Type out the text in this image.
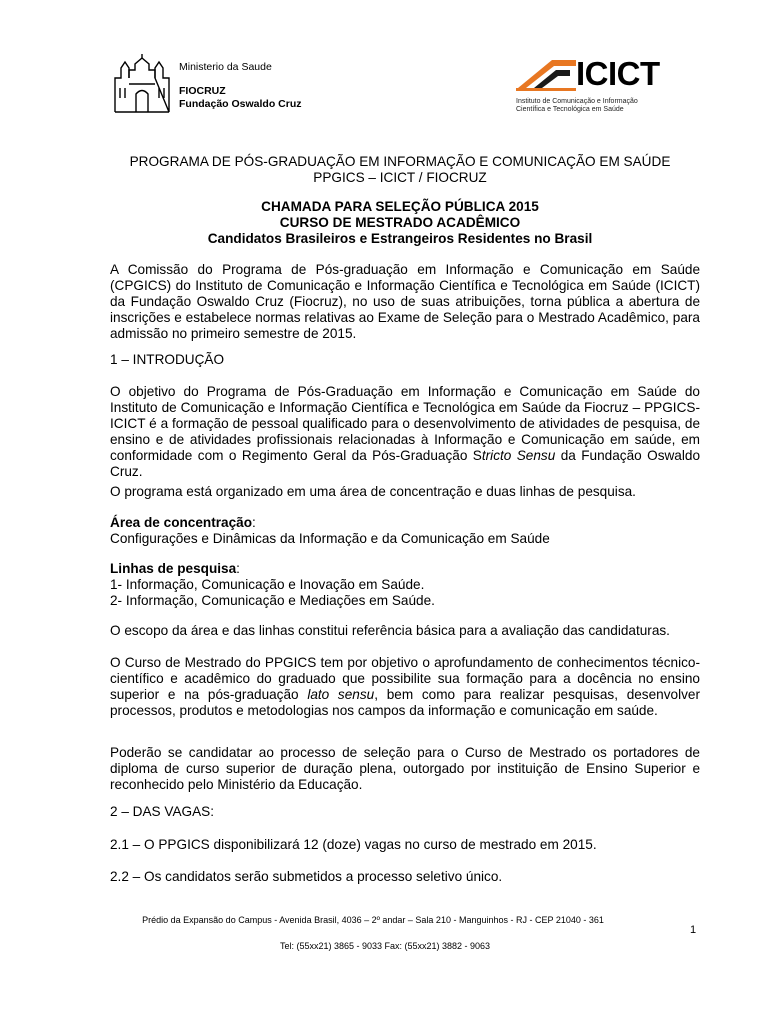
Ministerio da Saude
FIOCRUZ
Fundação Oswaldo Cruz
ICICT
Instituto de Comunicação e Informação
Científica e Tecnológica em Saúde
PROGRAMA DE PÓS-GRADUAÇÃO EM INFORMAÇÃO E COMUNICAÇÃO EM SAÚDE
PPGICS – ICICT / FIOCRUZ
CHAMADA PARA SELEÇÃO PÚBLICA 2015
CURSO DE MESTRADO ACADÊMICO
Candidatos Brasileiros e Estrangeiros Residentes no Brasil

A Comissão do Programa de Pós-graduação em Informação e Comunicação em Saúde (CPGICS) do Instituto de Comunicação e Informação Científica e Tecnológica em Saúde (ICICT) da Fundação Oswaldo Cruz (Fiocruz), no uso de suas atribuições, torna pública a abertura de inscrições e estabelece normas relativas ao Exame de Seleção para o Mestrado Acadêmico, para admissão no primeiro semestre de 2015.

1 – INTRODUÇÃO

O objetivo do Programa de Pós-Graduação em Informação e Comunicação em Saúde do Instituto de Comunicação e Informação Científica e Tecnológica em Saúde da Fiocruz – PPGICS-ICICT é a formação de pessoal qualificado para o desenvolvimento de atividades de pesquisa, de ensino e de atividades profissionais relacionadas à Informação e Comunicação em saúde, em conformidade com o Regimento Geral da Pós-Graduação Stricto Sensu da Fundação Oswaldo Cruz.

O programa está organizado em uma área de concentração e duas linhas de pesquisa.

Área de concentração:
Configurações e Dinâmicas da Informação e da Comunicação em Saúde
Linhas de pesquisa:
1- Informação, Comunicação e Inovação em Saúde.
2- Informação, Comunicação e Mediações em Saúde.

O escopo da área e das linhas constitui referência básica para a avaliação das candidaturas.

O Curso de Mestrado do PPGICS tem por objetivo o aprofundamento de conhecimentos técnico-científico e acadêmico do graduado que possibilite sua formação para a docência no ensino superior e na pós-graduação lato sensu, bem como para realizar pesquisas, desenvolver processos, produtos e metodologias nos campos da informação e comunicação em saúde.

Poderão se candidatar ao processo de seleção para o Curso de Mestrado os portadores de diploma de curso superior de duração plena, outorgado por instituição de Ensino Superior e reconhecido pelo Ministério da Educação.

2 – DAS VAGAS:

2.1 – O PPGICS disponibilizará 12 (doze) vagas no curso de mestrado em 2015.

2.2 – Os candidatos serão submetidos a processo seletivo único.

Prédio da Expansão do Campus - Avenida Brasil, 4036 – 2º andar – Sala 210 - Manguinhos - RJ - CEP 21040 - 361
1
Tel: (55xx21) 3865 - 9033 Fax: (55xx21) 3882 - 9063
